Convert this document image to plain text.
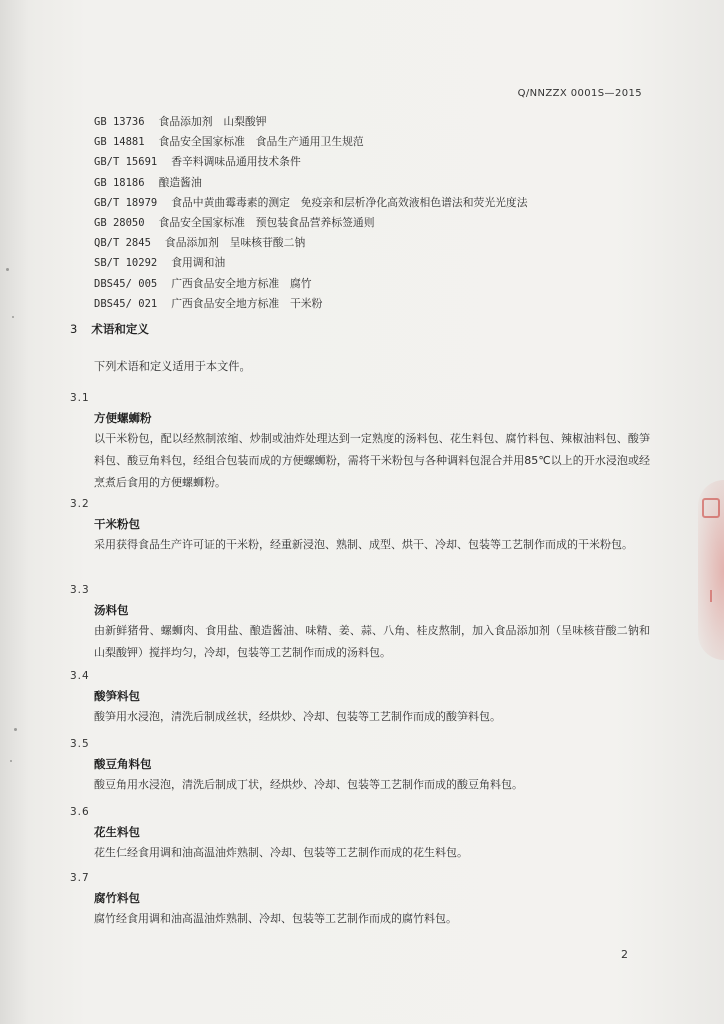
Q/NNZZX 0001S—2015
GB 13736 食品添加剂　山梨酸钾
GB 14881 食品安全国家标准　食品生产通用卫生规范
GB/T 15691 香辛料调味品通用技术条件
GB 18186 酿造酱油
GB/T 18979 食品中黄曲霉毒素的测定　免疫亲和层析净化高效液相色谱法和荧光光度法
GB 28050 食品安全国家标准　预包装食品营养标签通则
QB/T 2845 食品添加剂　呈味核苷酸二钠
SB/T 10292 食用调和油
DBS45/ 005 广西食品安全地方标准　腐竹
DBS45/ 021 广西食品安全地方标准　干米粉
3 术语和定义
下列术语和定义适用于本文件。
3.1
方便螺蛳粉
以干米粉包，配以经熬制浓缩、炒制或油炸处理达到一定熟度的汤料包、花生料包、腐竹料包、辣椒油料包、酸笋料包、酸豆角料包，经组合包装而成的方便螺蛳粉，需将干米粉包与各种调料包混合并用85℃以上的开水浸泡或经烹煮后食用的方便螺蛳粉。
3.2
干米粉包
采用获得食品生产许可证的干米粉，经重新浸泡、熟制、成型、烘干、冷却、包装等工艺制作而成的干米粉包。
3.3
汤料包
由新鲜猪骨、螺蛳肉、食用盐、酿造酱油、味精、姜、蒜、八角、桂皮熬制，加入食品添加剂（呈味核苷酸二钠和山梨酸钾）搅拌均匀，冷却，包装等工艺制作而成的汤料包。
3.4
酸笋料包
酸笋用水浸泡，清洗后制成丝状，经烘炒、冷却、包装等工艺制作而成的酸笋料包。
3.5
酸豆角料包
酸豆角用水浸泡，清洗后制成丁状，经烘炒、冷却、包装等工艺制作而成的酸豆角料包。
3.6
花生料包
花生仁经食用调和油高温油炸熟制、冷却、包装等工艺制作而成的花生料包。
3.7
腐竹料包
腐竹经食用调和油高温油炸熟制、冷却、包装等工艺制作而成的腐竹料包。
2
